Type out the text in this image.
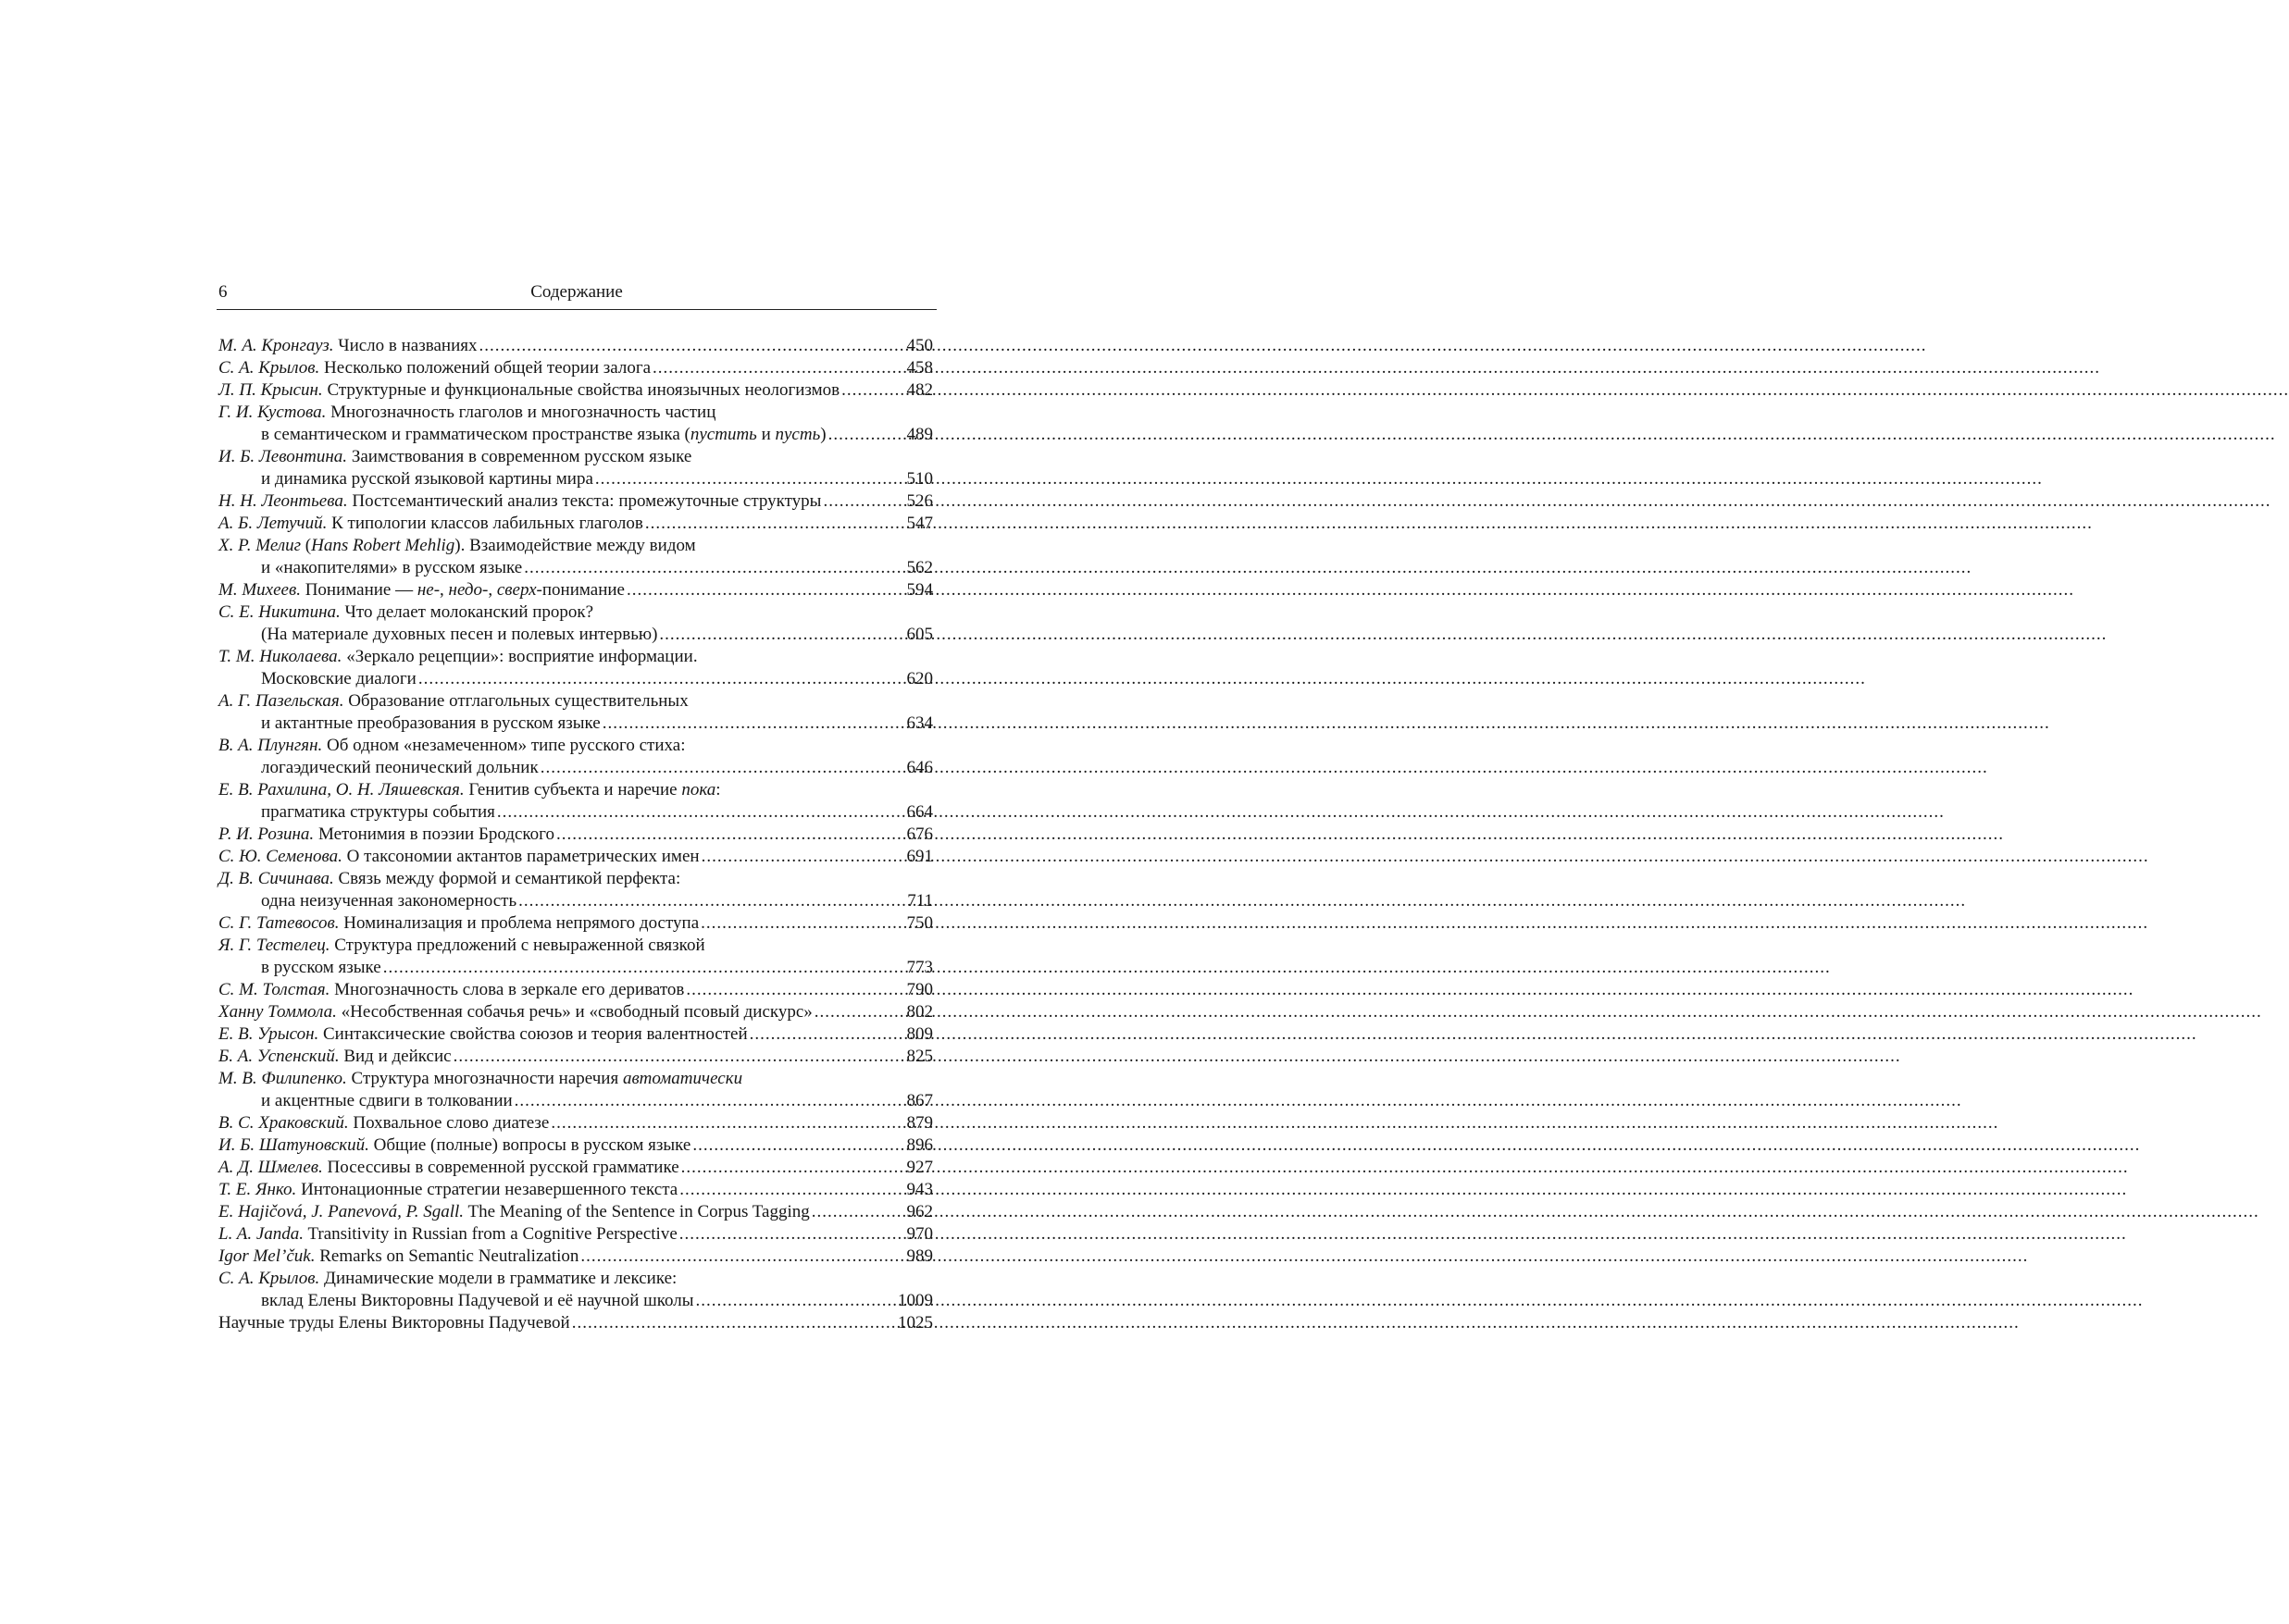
6	Содержание
М. А. Кронгауз. Число в названиях .....	450
С. А. Крылов. Несколько положений общей теории залога .....	458
Л. П. Крысин. Структурные и функциональные свойства иноязычных неологизмов .....	482
Г. И. Кустова. Многозначность глаголов и многозначность частиц
в семантическом и грамматическом пространстве языка (пустить и пусть) .....	489
И. Б. Левонтина. Заимствования в современном русском языке
и динамика русской языковой картины мира .....	510
Н. Н. Леонтьева. Постсемантический анализ текста: промежуточные структуры .....	526
А. Б. Летучий. К типологии классов лабильных глаголов .....	547
Х. Р. Мелиг (Hans Robert Mehlig). Взаимодействие между видом
и «накопителями» в русском языке .....	562
М. Михеев. Понимание — не-, недо-, сверх-понимание .....	594
С. Е. Никитина. Что делает молоканский пророк?
(На материале духовных песен и полевых интервью) .....	605
Т. М. Николаева. «Зеркало рецепции»: восприятие информации.
Московские диалоги .....	620
А. Г. Пазельская. Образование отглагольных существительных
и актантные преобразования в русском языке .....	634
В. А. Плунгян. Об одном «незамеченном» типе русского стиха:
логаэдический пеонический дольник .....	646
Е. В. Рахилина, О. Н. Ляшевская. Генитив субъекта и наречие пока:
прагматика структуры события .....	664
Р. И. Розина. Метонимия в поэзии Бродского .....	676
С. Ю. Семенова. О таксономии актантов параметрических имен .....	691
Д. В. Сичинава. Связь между формой и семантикой перфекта:
одна неизученная закономерность .....	711
С. Г. Татевосов. Номинализация и проблема непрямого доступа .....	750
Я. Г. Тестелец. Структура предложений с невыраженной связкой
в русском языке .....	773
С. М. Толстая. Многозначность слова в зеркале его дериватов .....	790
Ханну Томмола. «Несобственная собачья речь» и «свободный псовый дискурс» .....	802
Е. В. Урысон. Синтаксические свойства союзов и теория валентностей .....	809
Б. А. Успенский. Вид и дейксис .....	825
М. В. Филипенко. Структура многозначности наречия автоматически
и акцентные сдвиги в толковании .....	867
В. С. Храковский. Похвальное слово диатезе .....	879
И. Б. Шатуновский. Общие (полные) вопросы в русском языке .....	896
А. Д. Шмелев. Посессивы в современной русской грамматике .....	927
Т. Е. Янко. Интонационные стратегии незавершенного текста .....	943
E. Hajičová, J. Panevová, P. Sgall. The Meaning of the Sentence in Corpus Tagging .....	962
L. A. Janda. Transitivity in Russian from a Cognitive Perspective .....	970
Igor Mel’čuk. Remarks on Semantic Neutralization .....	989
С. А. Крылов. Динамические модели в грамматике и лексике:
вклад Елены Викторовны Падучевой и её научной школы .....	1009
Научные труды Елены Викторовны Падучевой .....	1025
